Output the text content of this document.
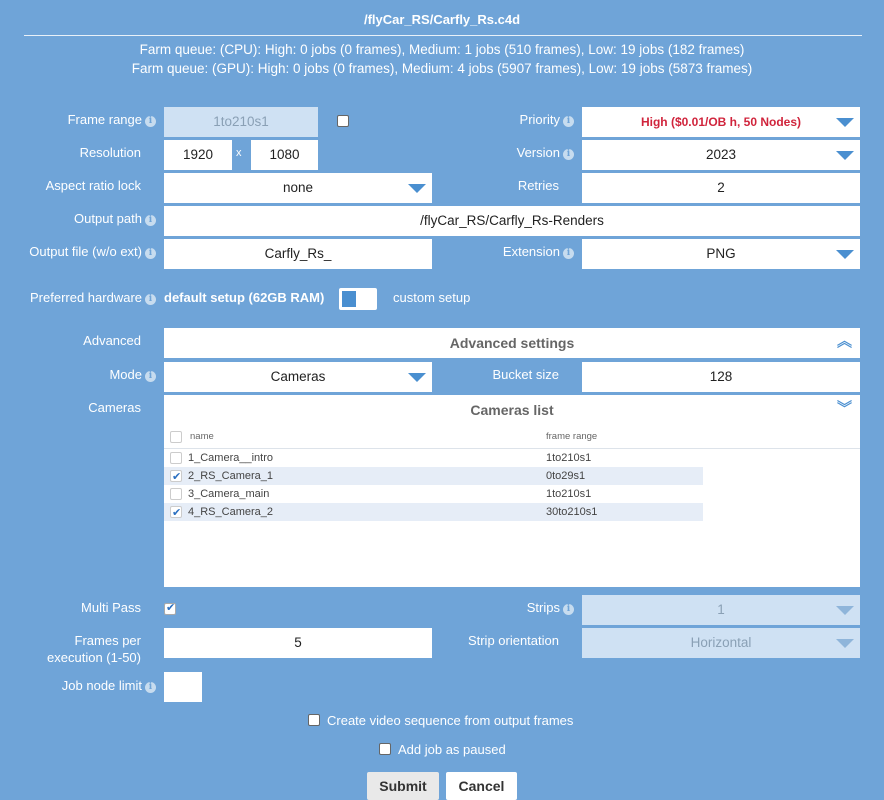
/flyCar_RS/Carfly_Rs.c4d
Farm queue: (CPU): High: 0 jobs (0 frames), Medium: 1 jobs (510 frames), Low: 19 jobs (182 frames)
Farm queue: (GPU): High: 0 jobs (0 frames), Medium: 4 jobs (5907 frames), Low: 19 jobs (5873 frames)
Frame range i	1to210s1	Priority i	High ($0.01/OB h, 50 Nodes)
Resolution	1920	x	1080	Version i	2023
Aspect ratio lock	none	Retries	2
Output path i	/flyCar_RS/Carfly_Rs-Renders
Output file (w/o ext) i	Carfly_Rs_	Extension i	PNG
Preferred hardware i default setup (62GB RAM)	custom setup
Advanced	Advanced settings	︽
Mode i	Cameras	Bucket size	128
Cameras	Cameras list	︾
name	frame range
1_Camera__intro	1to210s1
✔
2_RS_Camera_1	0to29s1
3_Camera_main	1to210s1
✔
4_RS_Camera_2	30to210s1
Multi Pass
✔	Strips i	1
Frames per
execution (1-50)
5	Strip orientation	Horizontal
Job node limit i
Create video sequence from output frames
Add job as paused
Submit	Cancel
